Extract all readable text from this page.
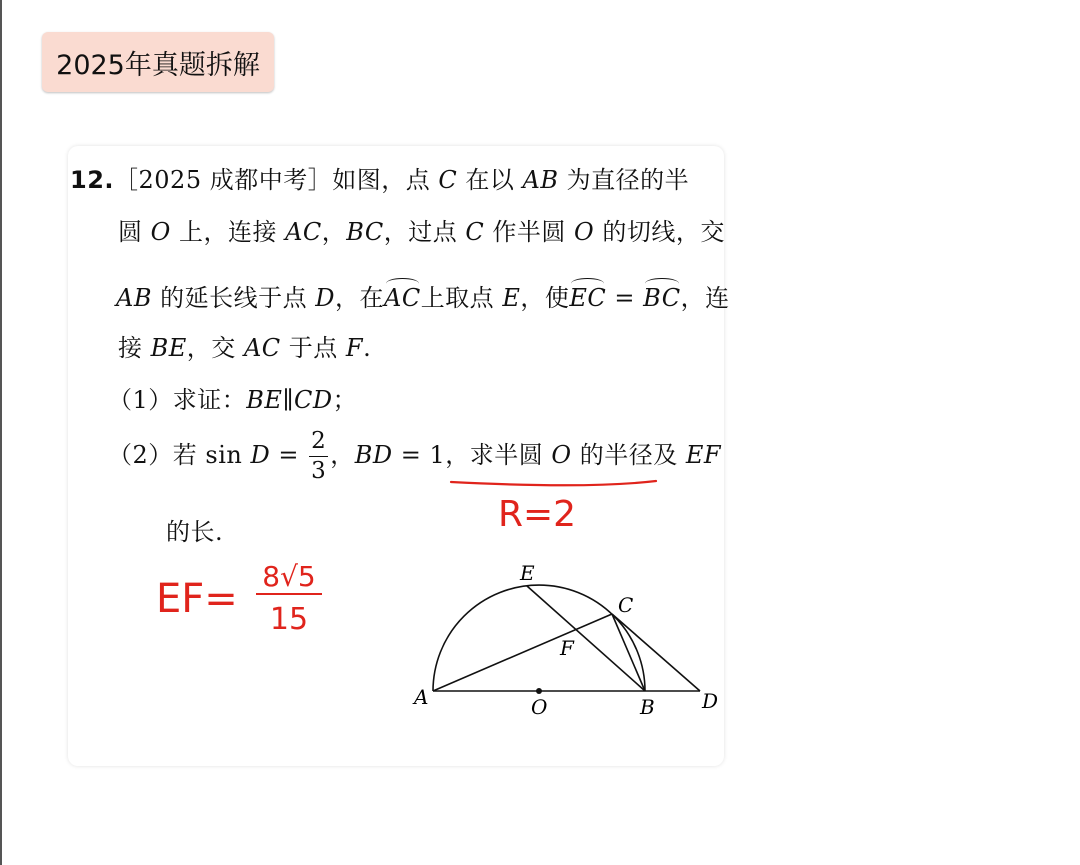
2025年真题拆解
12.［2025 成都中考］如图，点 C 在以 AB 为直径的半
圆 O 上，连接 AC，BC，过点 C 作半圆 O 的切线，交
AB 的延长线于点 D，在AC上取点 E，使EC = BC，连
接 BE，交 AC 于点 F.
（1）求证：BE∥CD；
（2）若 $\sin D = \frac{2}{3}$ ，BD = 1，求半圆 O 的半径及 EF
的长.
A	O	B D
C
E
F
R=2
EF= 8√5
15
